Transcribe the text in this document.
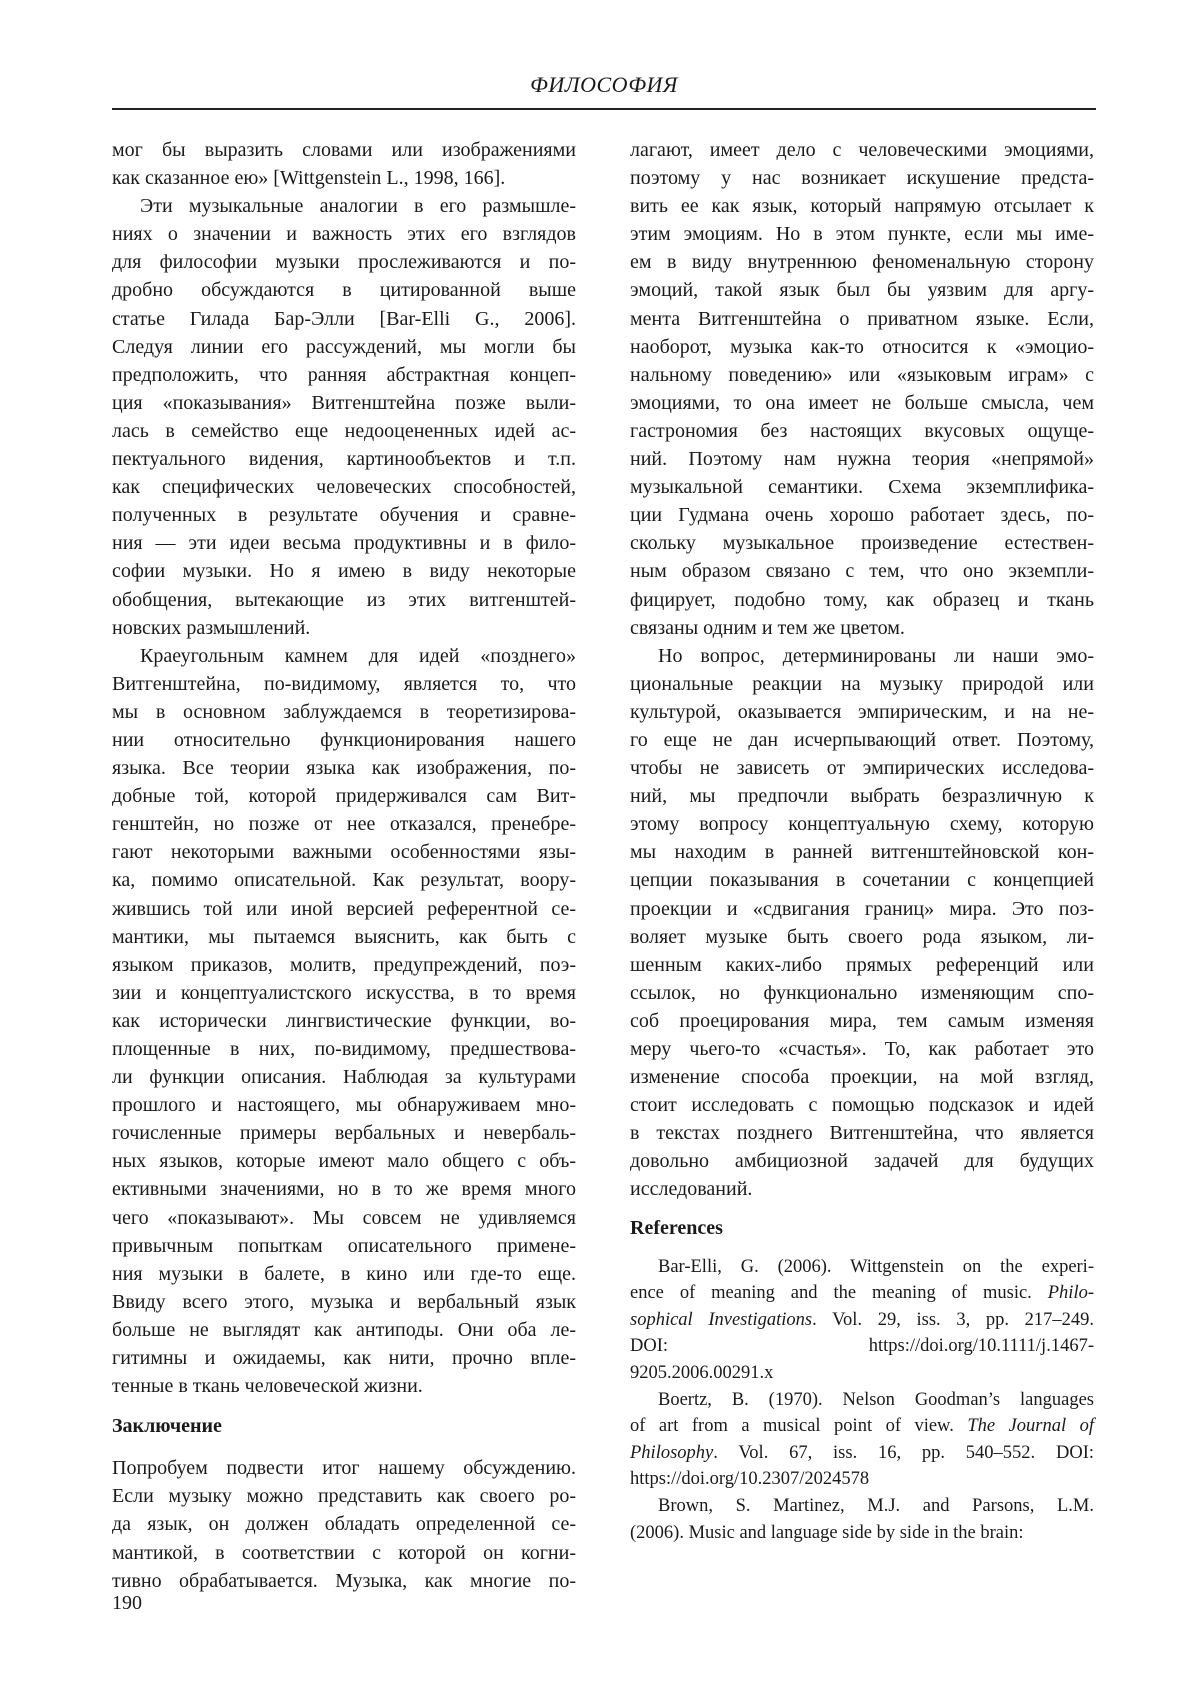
ФИЛОСОФИЯ
мог бы выразить словами или изображениями
как сказанное ею» [Wittgenstein L., 1998, 166].
Эти музыкальные аналогии в его размышле-
ниях о значении и важность этих его взглядов
для философии музыки прослеживаются и по-
дробно обсуждаются в цитированной выше
статье Гилада Бар-Элли [Bar-Elli G., 2006].
Следуя линии его рассуждений, мы могли бы
предположить, что ранняя абстрактная концеп-
ция «показывания» Витгенштейна позже выли-
лась в семейство еще недооцененных идей ас-
пектуального видения, картинообъектов и т.п.
как специфических человеческих способностей,
полученных в результате обучения и сравне-
ния — эти идеи весьма продуктивны и в фило-
софии музыки. Но я имею в виду некоторые
обобщения, вытекающие из этих витгенштей-
новских размышлений.
Краеугольным камнем для идей «позднего»
Витгенштейна, по-видимому, является то, что
мы в основном заблуждаемся в теоретизирова-
нии относительно функционирования нашего
языка. Все теории языка как изображения, по-
добные той, которой придерживался сам Вит-
генштейн, но позже от нее отказался, пренебре-
гают некоторыми важными особенностями язы-
ка, помимо описательной. Как результат, воору-
жившись той или иной версией референтной се-
мантики, мы пытаемся выяснить, как быть с
языком приказов, молитв, предупреждений, поэ-
зии и концептуалистского искусства, в то время
как исторически лингвистические функции, во-
площенные в них, по-видимому, предшествова-
ли функции описания. Наблюдая за культурами
прошлого и настоящего, мы обнаруживаем мно-
гочисленные примеры вербальных и невербаль-
ных языков, которые имеют мало общего с объ-
ективными значениями, но в то же время много
чего «показывают». Мы совсем не удивляемся
привычным попыткам описательного примене-
ния музыки в балете, в кино или где-то еще.
Ввиду всего этого, музыка и вербальный язык
больше не выглядят как антиподы. Они оба ле-
гитимны и ожидаемы, как нити, прочно впле-
тенные в ткань человеческой жизни.
Заключение
Попробуем подвести итог нашему обсуждению.
Если музыку можно представить как своего ро-
да язык, он должен обладать определенной се-
мантикой, в соответствии с которой он когни-
тивно обрабатывается. Музыка, как многие по-
лагают, имеет дело с человеческими эмоциями,
поэтому у нас возникает искушение предста-
вить ее как язык, который напрямую отсылает к
этим эмоциям. Но в этом пункте, если мы име-
ем в виду внутреннюю феноменальную сторону
эмоций, такой язык был бы уязвим для аргу-
мента Витгенштейна о приватном языке. Если,
наоборот, музыка как-то относится к «эмоцио-
нальному поведению» или «языковым играм» с
эмоциями, то она имеет не больше смысла, чем
гастрономия без настоящих вкусовых ощуще-
ний. Поэтому нам нужна теория «непрямой»
музыкальной семантики. Схема экземплифика-
ции Гудмана очень хорошо работает здесь, по-
скольку музыкальное произведение естествен-
ным образом связано с тем, что оно экземпли-
фицирует, подобно тому, как образец и ткань
связаны одним и тем же цветом.
Но вопрос, детерминированы ли наши эмо-
циональные реакции на музыку природой или
культурой, оказывается эмпирическим, и на не-
го еще не дан исчерпывающий ответ. Поэтому,
чтобы не зависеть от эмпирических исследова-
ний, мы предпочли выбрать безразличную к
этому вопросу концептуальную схему, которую
мы находим в ранней витгенштейновской кон-
цепции показывания в сочетании с концепцией
проекции и «сдвигания границ» мира. Это поз-
воляет музыке быть своего рода языком, ли-
шенным каких-либо прямых референций или
ссылок, но функционально изменяющим спо-
соб проецирования мира, тем самым изменяя
меру чьего-то «счастья». То, как работает это
изменение способа проекции, на мой взгляд,
стоит исследовать с помощью подсказок и идей
в текстах позднего Витгенштейна, что является
довольно амбициозной задачей для будущих
исследований.
References
Bar-Elli, G. (2006). Wittgenstein on the experi-
ence of meaning and the meaning of music. Philo-
sophical Investigations. Vol. 29, iss. 3, pp. 217–249.
DOI: https://doi.org/10.1111/j.1467-
9205.2006.00291.x
Boertz, B. (1970). Nelson Goodman’s languages
of art from a musical point of view. The Journal of
Philosophy. Vol. 67, iss. 16, pp. 540–552. DOI:
https://doi.org/10.2307/2024578
Brown, S. Martinez, M.J. and Parsons, L.M.
(2006). Music and language side by side in the brain:
190
